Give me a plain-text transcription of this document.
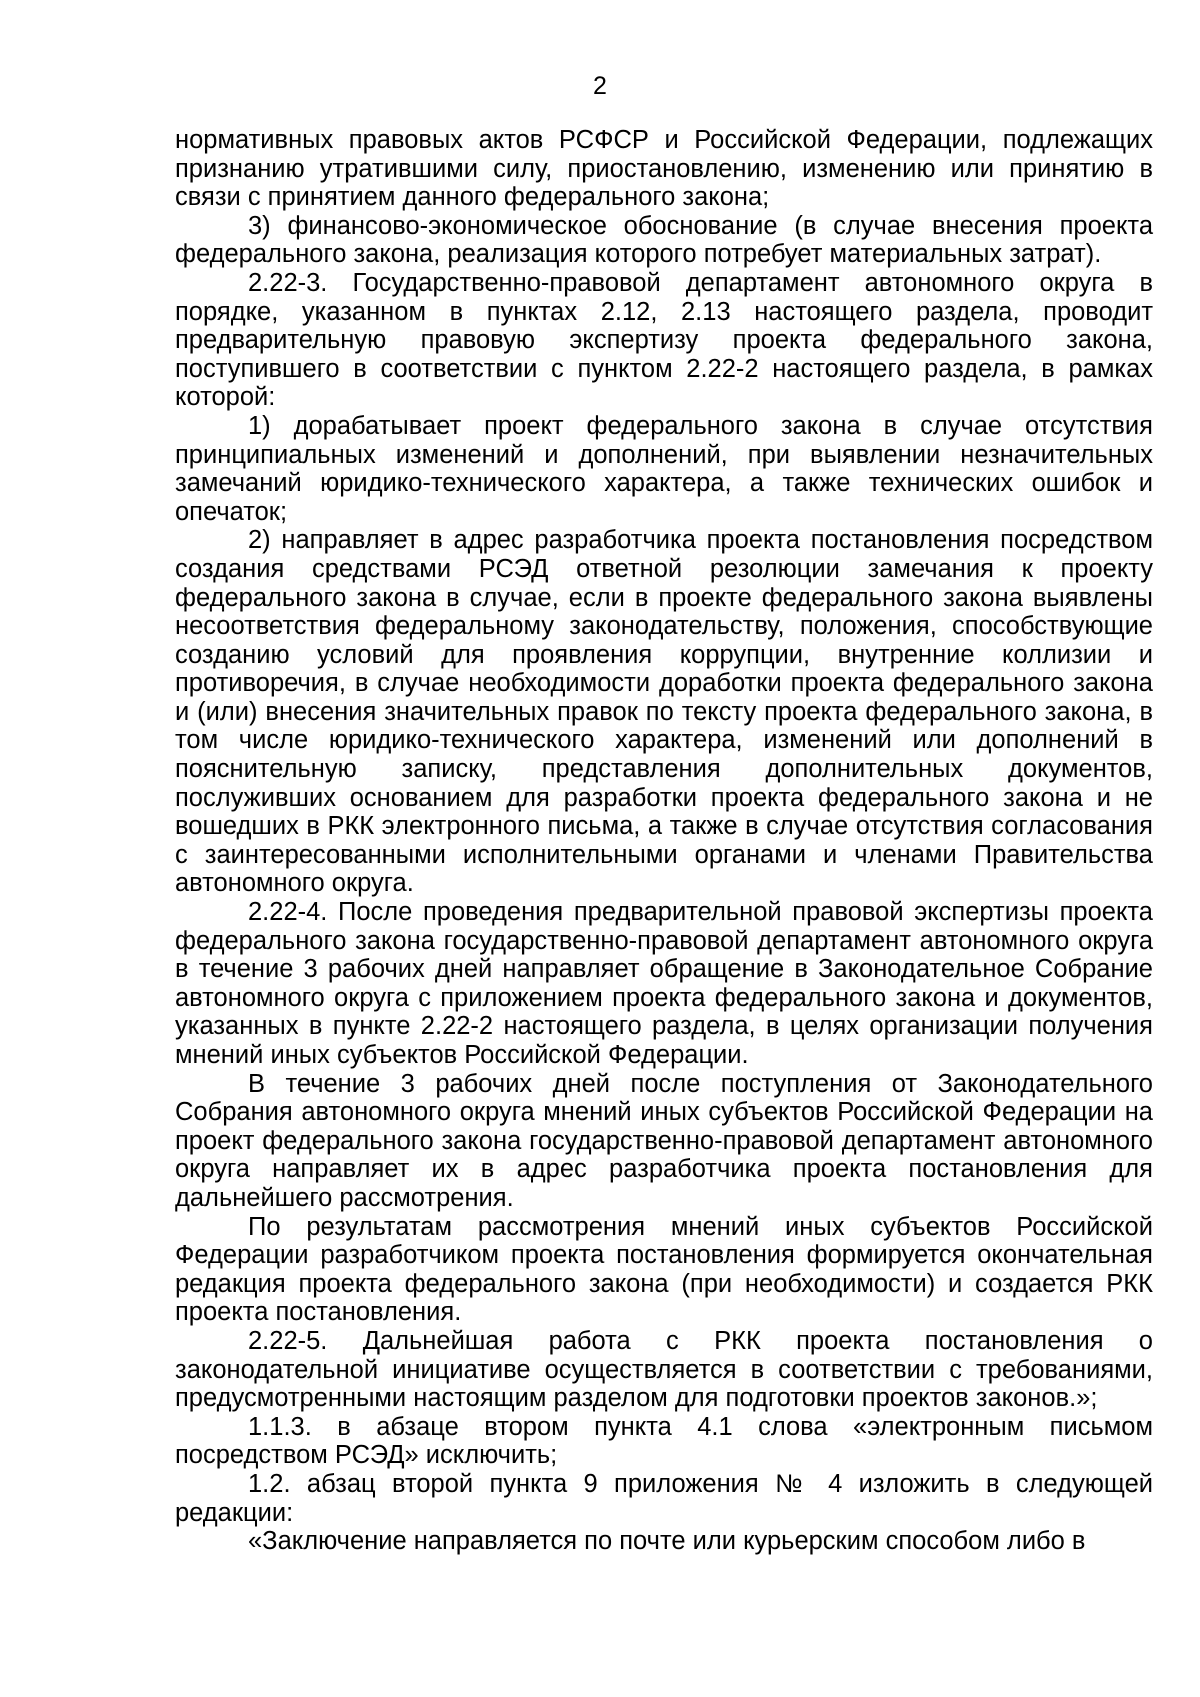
2

нормативных правовых актов РСФСР и Российской Федерации, подлежащих признанию утратившими силу, приостановлению, изменению или принятию в связи с принятием данного федерального закона;

3) финансово-экономическое обоснование (в случае внесения проекта федерального закона, реализация которого потребует материальных затрат).

2.22-3. Государственно-правовой департамент автономного округа в порядке, указанном в пунктах 2.12, 2.13 настоящего раздела, проводит предварительную правовую экспертизу проекта федерального закона, поступившего в соответствии с пунктом 2.22-2 настоящего раздела, в рамках которой:

1) дорабатывает проект федерального закона в случае отсутствия принципиальных изменений и дополнений, при выявлении незначительных замечаний юридико-технического характера, а также технических ошибок и опечаток;

2) направляет в адрес разработчика проекта постановления посредством создания средствами РСЭД ответной резолюции замечания к проекту федерального закона в случае, если в проекте федерального закона выявлены несоответствия федеральному законодательству, положения, способствующие созданию условий для проявления коррупции, внутренние коллизии и противоречия, в случае необходимости доработки проекта федерального закона и (или) внесения значительных правок по тексту проекта федерального закона, в том числе юридико-технического характера, изменений или дополнений в пояснительную записку, представления дополнительных документов, послуживших основанием для разработки проекта федерального закона и не вошедших в РКК электронного письма, а также в случае отсутствия согласования с заинтересованными исполнительными органами и членами Правительства автономного округа.

2.22-4. После проведения предварительной правовой экспертизы проекта федерального закона государственно-правовой департамент автономного округа в течение 3 рабочих дней направляет обращение в Законодательное Собрание автономного округа с приложением проекта федерального закона и документов, указанных в пункте 2.22-2 настоящего раздела, в целях организации получения мнений иных субъектов Российской Федерации.

В течение 3 рабочих дней после поступления от Законодательного Собрания автономного округа мнений иных субъектов Российской Федерации на проект федерального закона государственно-правовой департамент автономного округа направляет их в адрес разработчика проекта постановления для дальнейшего рассмотрения.

По результатам рассмотрения мнений иных субъектов Российской Федерации разработчиком проекта постановления формируется окончательная редакция проекта федерального закона (при необходимости) и создается РКК проекта постановления.

2.22-5. Дальнейшая работа с РКК проекта постановления о законодательной инициативе осуществляется в соответствии с требованиями, предусмотренными настоящим разделом для подготовки проектов законов.»;

1.1.3. в абзаце втором пункта 4.1 слова «электронным письмом посредством РСЭД» исключить;

1.2. абзац второй пункта 9 приложения № 4 изложить в следующей редакции:

«Заключение направляется по почте или курьерским способом либо в
